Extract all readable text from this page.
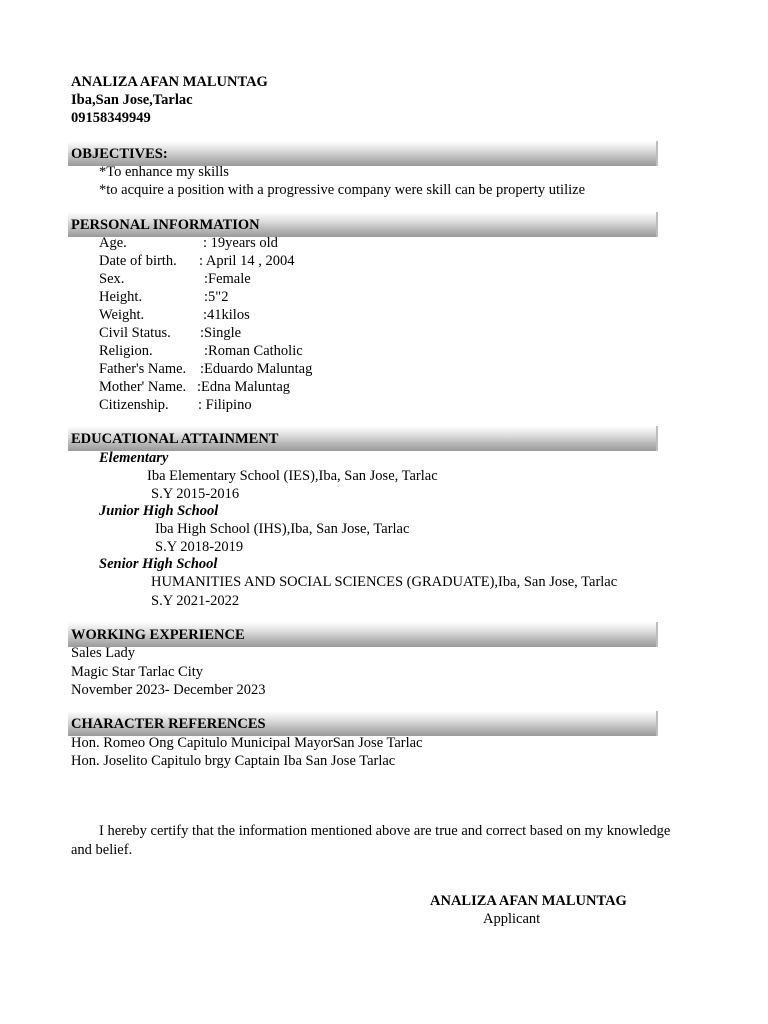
ANALIZA AFAN MALUNTAG
Iba,San Jose,Tarlac
09158349949
OBJECTIVES:
*To enhance my skills
*to acquire a position with a progressive company were skill can be property utilize
PERSONAL INFORMATION
Age.	: 19years old
Date of birth. : April 14 , 2004
Sex.	:Female
Height.	:5"2
Weight.	:41kilos
Civil Status. :Single
Religion.	:Roman Catholic
Father's Name. :Eduardo Maluntag
Mother' Name. :Edna Maluntag
Citizenship. : Filipino
EDUCATIONAL ATTAINMENT
Elementary
Iba Elementary School (IES),Iba, San Jose, Tarlac
S.Y 2015-2016
Junior High School
Iba High School (IHS),Iba, San Jose, Tarlac
S.Y 2018-2019
Senior High School
HUMANITIES AND SOCIAL SCIENCES (GRADUATE),Iba, San Jose, Tarlac
S.Y 2021-2022
WORKING EXPERIENCE
Sales Lady
Magic Star Tarlac City
November 2023- December 2023
CHARACTER REFERENCES
Hon. Romeo Ong Capitulo Municipal MayorSan Jose Tarlac
Hon. Joselito Capitulo brgy Captain Iba San Jose Tarlac
I hereby certify that the information mentioned above are true and correct based on my knowledge
and belief.
ANALIZA AFAN MALUNTAG
Applicant
